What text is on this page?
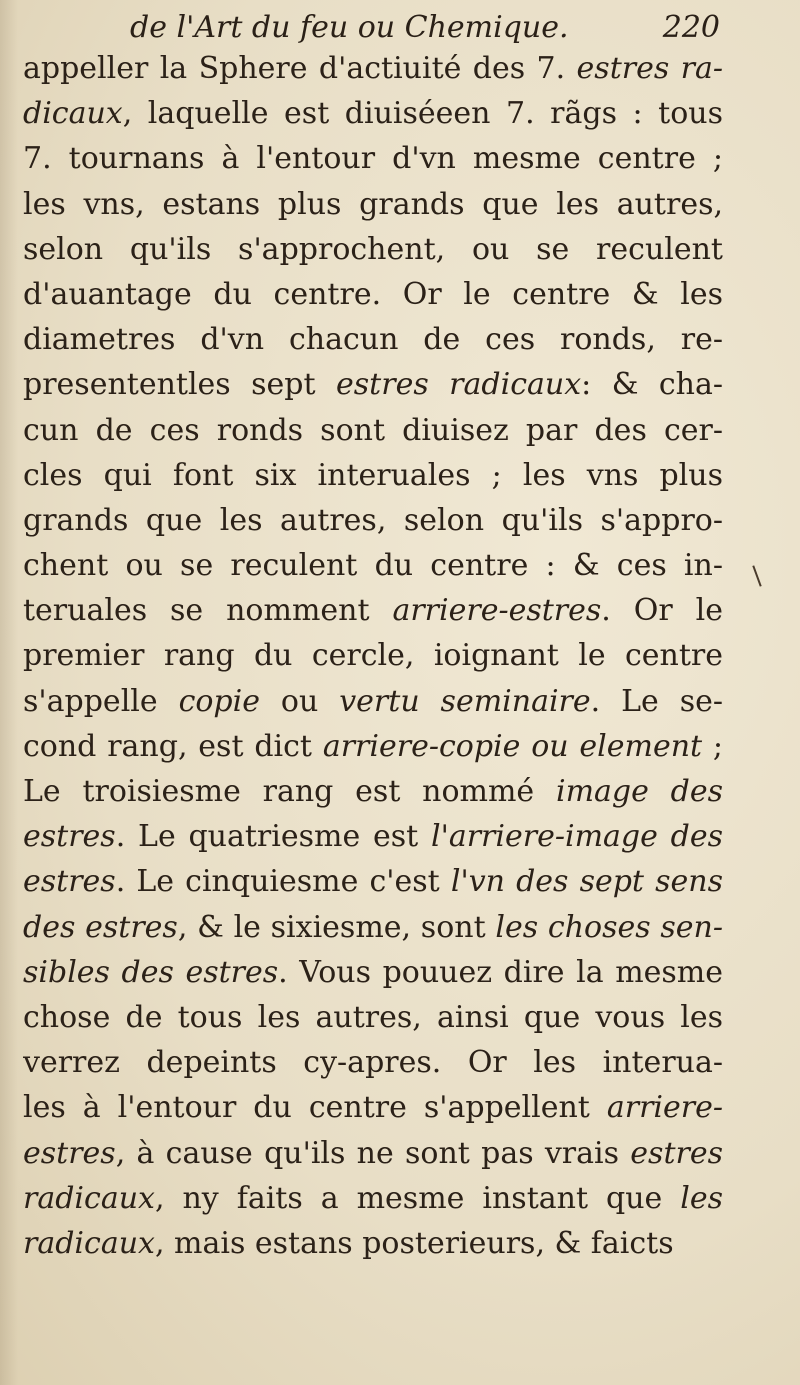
de l'Art du feu ou Chemique.	220
appeller la Sphere d'actiuité des 7. estres ra-
dicaux, laquelle est diuiséeen 7. rãgs : tous
7. tournans à l'entour d'vn mesme centre ;
les vns, estans plus grands que les autres,
selon qu'ils s'approchent, ou se reculent
d'auantage du centre. Or le centre & les
diametres d'vn chacun de ces ronds, re-
presententles sept estres radicaux: & cha-
cun de ces ronds sont diuisez par des cer-
cles qui font six interuales ; les vns plus
grands que les autres, selon qu'ils s'appro-
chent ou se reculent du centre : & ces in-
teruales se nomment arriere-estres. Or le
premier rang du cercle, ioignant le centre
s'appelle copie ou vertu seminaire. Le se-
cond rang, est dict arriere-copie ou element ;
Le troisiesme rang est nommé image des
estres. Le quatriesme est l'arriere-image des
estres. Le cinquiesme c'est l'vn des sept sens
des estres, & le sixiesme, sont les choses sen-
sibles des estres. Vous pouuez dire la mesme
chose de tous les autres, ainsi que vous les
verrez depeints cy-apres. Or les interua-
les à l'entour du centre s'appellent arriere-
estres, à cause qu'ils ne sont pas vrais estres
radicaux, ny faits a mesme instant que les
radicaux, mais estans posterieurs, & faicts
